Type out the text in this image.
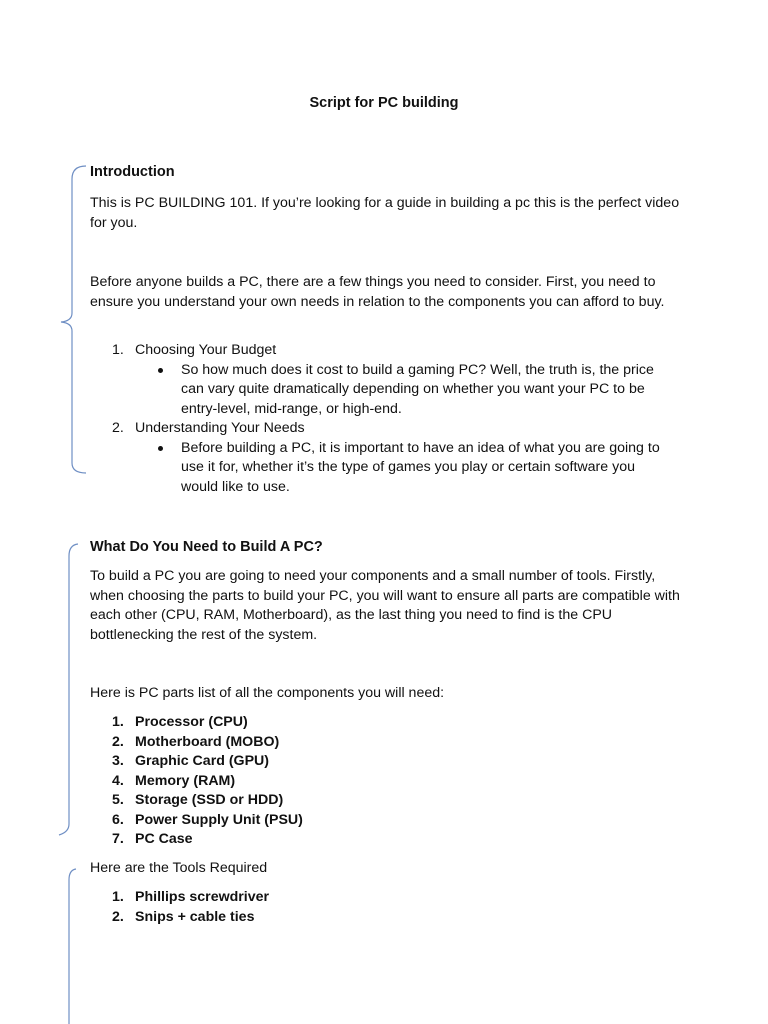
Script for PC building
Introduction

This is PC BUILDING 101. If you’re looking for a guide in building a pc this is the perfect video for you.

Before anyone builds a PC, there are a few things you need to consider. First, you need to ensure you understand your own needs in relation to the components you can afford to buy.

1. Choosing Your Budget
So how much does it cost to build a gaming PC? Well, the truth is, the price can vary quite dramatically depending on whether you want your PC to be entry-level, mid-range, or high-end.
2. Understanding Your Needs
Before building a PC, it is important to have an idea of what you are going to use it for, whether it’s the type of games you play or certain software you would like to use.
What Do You Need to Build A PC?

To build a PC you are going to need your components and a small number of tools. Firstly, when choosing the parts to build your PC, you will want to ensure all parts are compatible with each other (CPU, RAM, Motherboard), as the last thing you need to find is the CPU bottlenecking the rest of the system.

Here is PC parts list of all the components you will need:

1. Processor (CPU)
2. Motherboard (MOBO)
3. Graphic Card (GPU)
4. Memory (RAM)
5. Storage (SSD or HDD)
6. Power Supply Unit (PSU)
7. PC Case

Here are the Tools Required

1. Phillips screwdriver
2. Snips + cable ties
